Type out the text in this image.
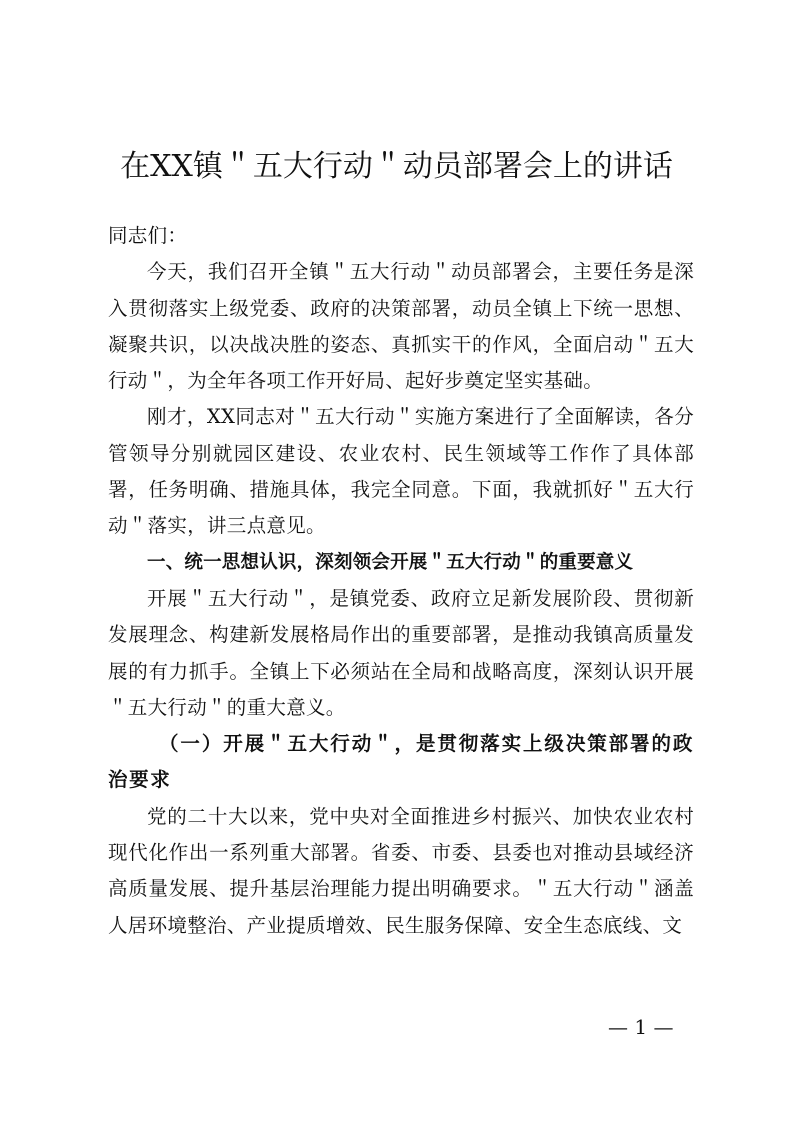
在XX镇＂五大行动＂动员部署会上的讲话

同志们：

今天，我们召开全镇＂五大行动＂动员部署会，主要任务是深入贯彻落实上级党委、政府的决策部署，动员全镇上下统一思想、凝聚共识，以决战决胜的姿态、真抓实干的作风，全面启动＂五大行动＂，为全年各项工作开好局、起好步奠定坚实基础。

刚才，XX同志对＂五大行动＂实施方案进行了全面解读，各分管领导分别就园区建设、农业农村、民生领域等工作作了具体部署，任务明确、措施具体，我完全同意。下面，我就抓好＂五大行动＂落实，讲三点意见。

一、统一思想认识，深刻领会开展＂五大行动＂的重要意义

开展＂五大行动＂，是镇党委、政府立足新发展阶段、贯彻新发展理念、构建新发展格局作出的重要部署，是推动我镇高质量发展的有力抓手。全镇上下必须站在全局和战略高度，深刻认识开展＂五大行动＂的重大意义。

（一）开展＂五大行动＂，是贯彻落实上级决策部署的政治要求

党的二十大以来，党中央对全面推进乡村振兴、加快农业农村现代化作出一系列重大部署。省委、市委、县委也对推动县域经济高质量发展、提升基层治理能力提出明确要求。＂五大行动＂涵盖人居环境整治、产业提质增效、民生服务保障、安全生态底线、文

— 1 —
